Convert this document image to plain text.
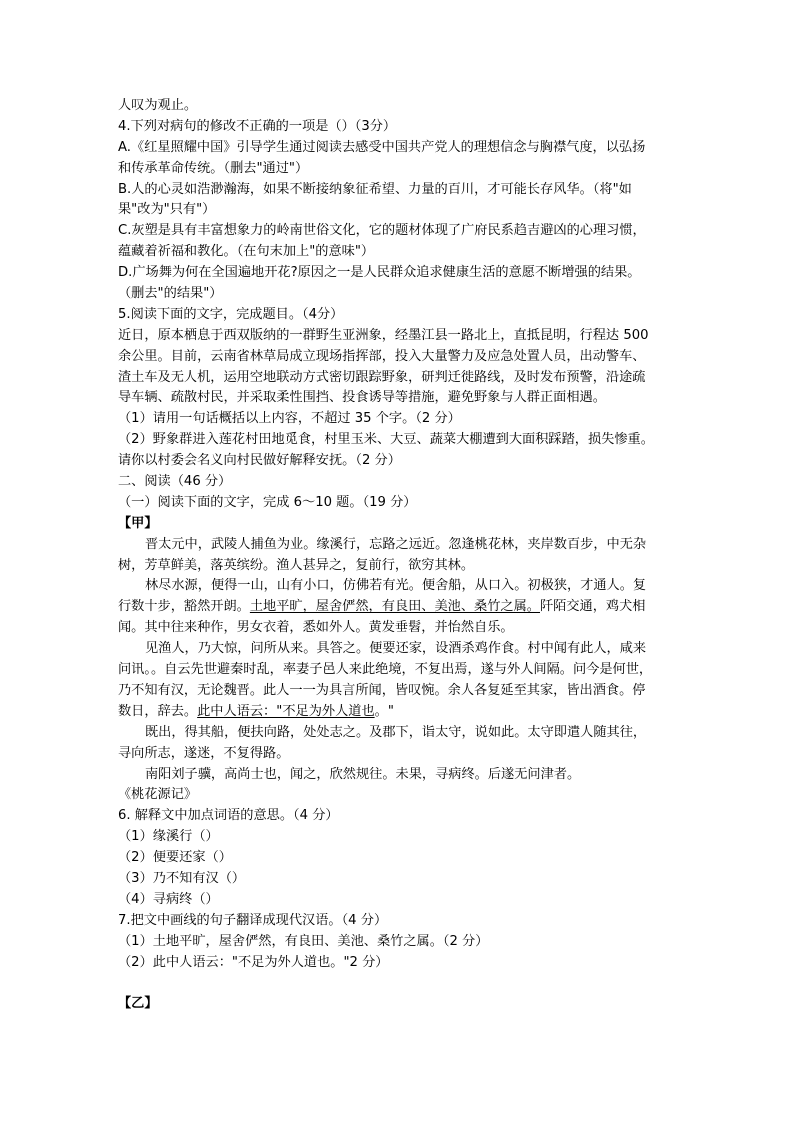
人叹为观止。
4.下列对病句的修改不正确的一项是（）（3分）
A.《红星照耀中国》引导学生通过阅读去感受中国共产党人的理想信念与胸襟气度，以弘扬
和传承革命传统。（删去"通过"）
B.人的心灵如浩渺瀚海，如果不断接纳象征希望、力量的百川，才可能长存风华。（将"如
果"改为"只有"）
C.灰塑是具有丰富想象力的岭南世俗文化，它的题材体现了广府民系趋吉避凶的心理习惯，
蕴藏着祈福和教化。（在句末加上"的意味"）
D.广场舞为何在全国遍地开花?原因之一是人民群众追求健康生活的意愿不断增强的结果。
（删去"的结果"）
5.阅读下面的文字，完成题目。（4分）
近日，原本栖息于西双版纳的一群野生亚洲象，经墨江县一路北上，直抵昆明，行程达 500
余公里。目前，云南省林草局成立现场指挥部，投入大量警力及应急处置人员，出动警车、
渣土车及无人机，运用空地联动方式密切跟踪野象，研判迁徙路线，及时发布预警，沿途疏
导车辆、疏散村民，并采取柔性围挡、投食诱导等措施，避免野象与人群正面相遇。
（1）请用一句话概括以上内容，不超过 35 个字。（2 分）
（2）野象群进入莲花村田地觅食，村里玉米、大豆、蔬菜大棚遭到大面积踩踏，损失惨重。
请你以村委会名义向村民做好解释安抚。（2 分）
二、阅读（46 分）
（一）阅读下面的文字，完成 6～10 题。（19 分）
【甲】
晋太元中，武陵人捕鱼为业。缘溪行，忘路之远近。忽逢桃花林，夹岸数百步，中无杂
树，芳草鲜美，落英缤纷。渔人甚异之，复前行，欲穷其林。
林尽水源，便得一山，山有小口，仿佛若有光。便舍船，从口入。初极狭，才通人。复
行数十步，豁然开朗。土地平旷，屋舍俨然，有良田、美池、桑竹之属。阡陌交通，鸡犬相
闻。其中往来种作，男女衣着，悉如外人。黄发垂髫，并怡然自乐。
见渔人，乃大惊，问所从来。具答之。便要还家，设酒杀鸡作食。村中闻有此人，咸来
问讯。。自云先世避秦时乱，率妻子邑人来此绝境，不复出焉，遂与外人间隔。问今是何世，
乃不知有汉，无论魏晋。此人一一为具言所闻，皆叹惋。余人各复延至其家，皆出酒食。停
数日，辞去。此中人语云："不足为外人道也。"
既出，得其船，便扶向路，处处志之。及郡下，诣太守，说如此。太守即遣人随其往，
寻向所志，遂迷，不复得路。
南阳刘子骥，高尚士也，闻之，欣然规往。未果，寻病终。后遂无问津者。
《桃花源记》
6. 解释文中加点词语的意思。（4 分）
（1）缘溪行（）
（2）便要还家（）
（3）乃不知有汉（）
（4）寻病终（）
7.把文中画线的句子翻译成现代汉语。（4 分）
（1）土地平旷，屋舍俨然，有良田、美池、桑竹之属。（2 分）
（2）此中人语云："不足为外人道也。"2 分）
【乙】
